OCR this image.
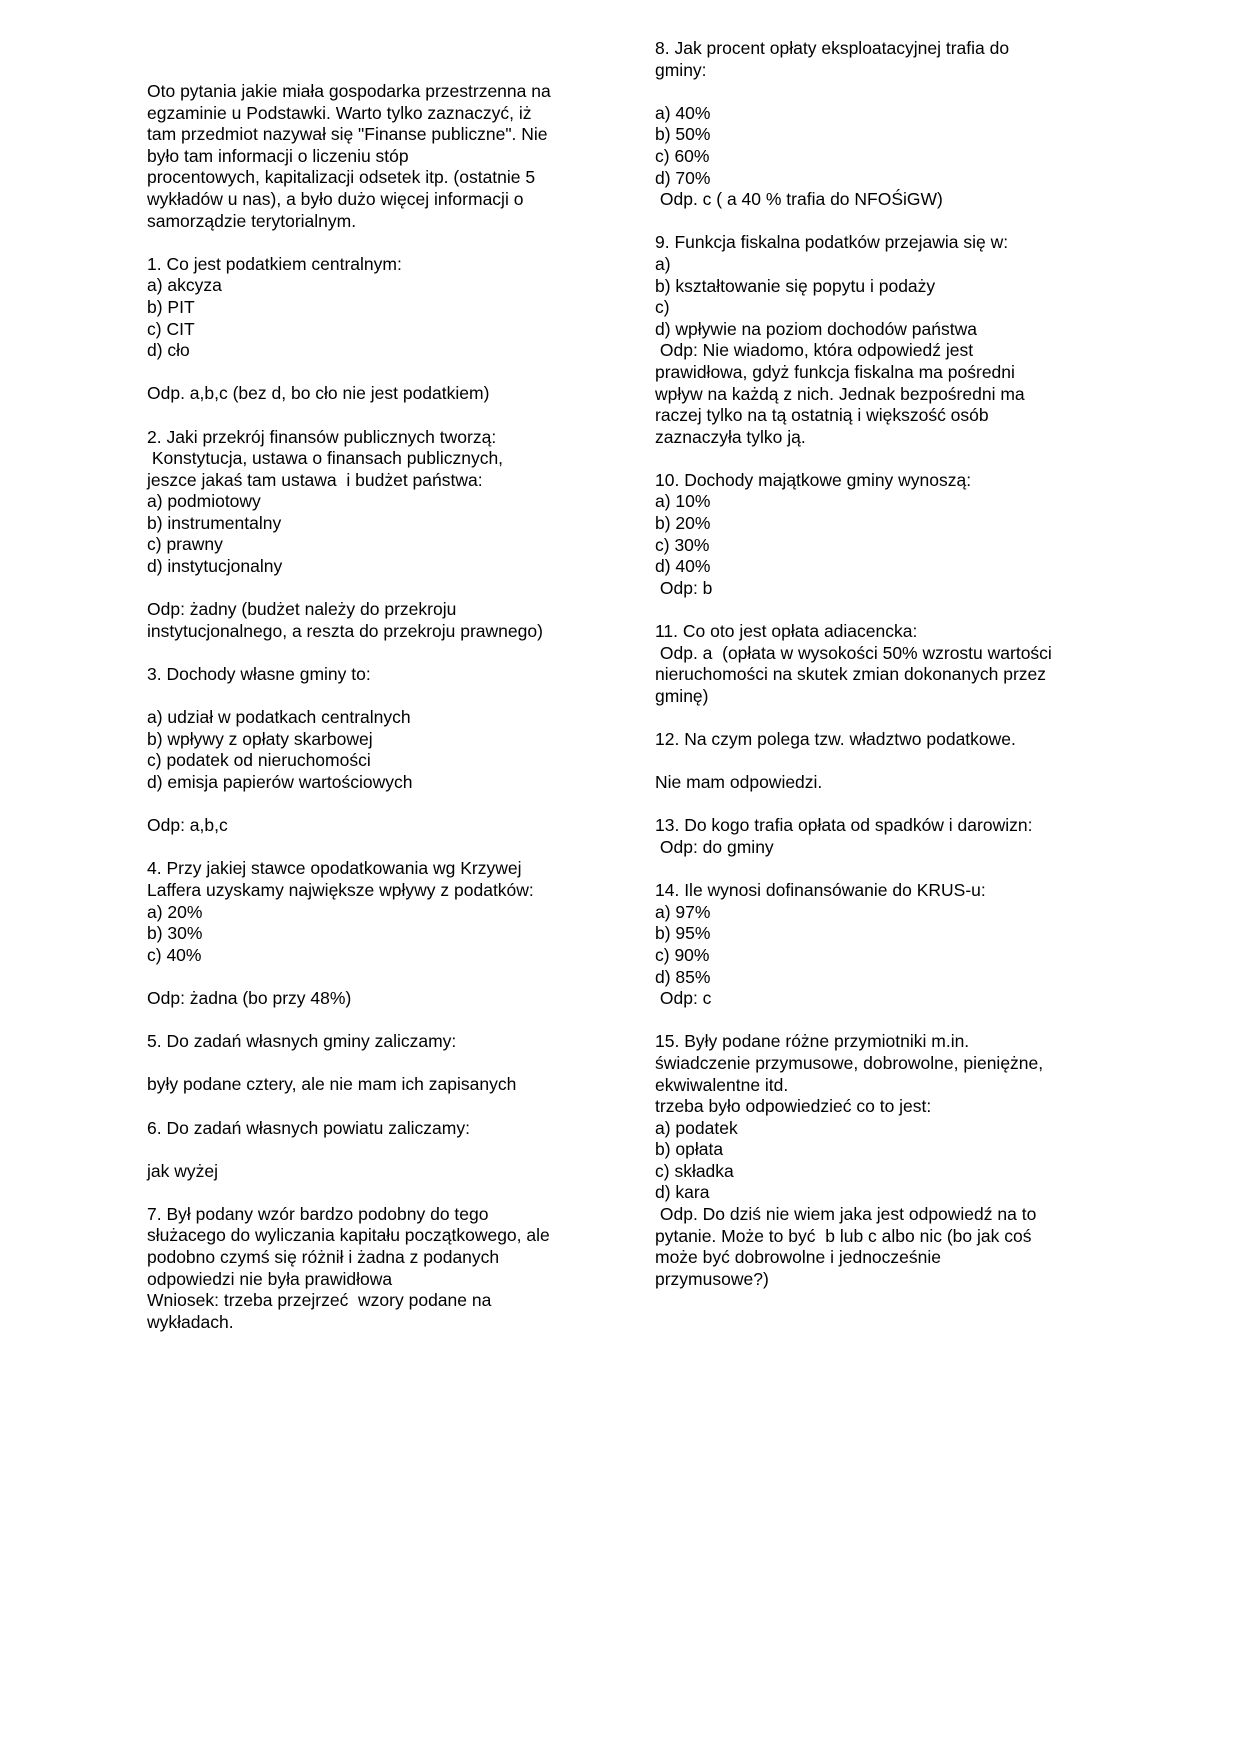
Oto pytania jakie miała gospodarka przestrzenna na
egzaminie u Podstawki. Warto tylko zaznaczyć, iż
tam przedmiot nazywał się "Finanse publiczne". Nie
było tam informacji o liczeniu stóp
procentowych, kapitalizacji odsetek itp. (ostatnie 5
wykładów u nas), a było dużo więcej informacji o
samorządzie terytorialnym.
1. Co jest podatkiem centralnym:
a) akcyza
b) PIT
c) CIT
d) cło
Odp. a,b,c (bez d, bo cło nie jest podatkiem)
2. Jaki przekrój finansów publicznych tworzą:
Konstytucja, ustawa o finansach publicznych,
jeszce jakaś tam ustawa  i budżet państwa:
a) podmiotowy
b) instrumentalny
c) prawny
d) instytucjonalny
Odp: żadny (budżet należy do przekroju
instytucjonalnego, a reszta do przekroju prawnego)
3. Dochody własne gminy to:
a) udział w podatkach centralnych
b) wpływy z opłaty skarbowej
c) podatek od nieruchomości
d) emisja papierów wartościowych
Odp: a,b,c
4. Przy jakiej stawce opodatkowania wg Krzywej
Laffera uzyskamy największe wpływy z podatków:
a) 20%
b) 30%
c) 40%
Odp: żadna (bo przy 48%)
5. Do zadań własnych gminy zaliczamy:
były podane cztery, ale nie mam ich zapisanych
6. Do zadań własnych powiatu zaliczamy:
jak wyżej
7. Był podany wzór bardzo podobny do tego
służacego do wyliczania kapitału początkowego, ale
podobno czymś się różnił i żadna z podanych
odpowiedzi nie była prawidłowa
Wniosek: trzeba przejrzeć  wzory podane na
wykładach.
8. Jak procent opłaty eksploatacyjnej trafia do
gminy:
a) 40%
b) 50%
c) 60%
d) 70%
Odp. c ( a 40 % trafia do NFOŚiGW)
9. Funkcja fiskalna podatków przejawia się w:
a)
b) kształtowanie się popytu i podaży
c)
d) wpływie na poziom dochodów państwa
Odp: Nie wiadomo, która odpowiedź jest
prawidłowa, gdyż funkcja fiskalna ma pośredni
wpływ na każdą z nich. Jednak bezpośredni ma
raczej tylko na tą ostatnią i większość osób
zaznaczyła tylko ją.
10. Dochody majątkowe gminy wynoszą:
a) 10%
b) 20%
c) 30%
d) 40%
Odp: b
11. Co oto jest opłata adiacencka:
Odp. a  (opłata w wysokości 50% wzrostu wartości
nieruchomości na skutek zmian dokonanych przez
gminę)
12. Na czym polega tzw. władztwo podatkowe.
Nie mam odpowiedzi.
13. Do kogo trafia opłata od spadków i darowizn:
Odp: do gminy
14. Ile wynosi dofinansówanie do KRUS-u:
a) 97%
b) 95%
c) 90%
d) 85%
Odp: c
15. Były podane różne przymiotniki m.in.
świadczenie przymusowe, dobrowolne, pieniężne,
ekwiwalentne itd.
trzeba było odpowiedzieć co to jest:
a) podatek
b) opłata
c) składka
d) kara
Odp. Do dziś nie wiem jaka jest odpowiedź na to
pytanie. Może to być  b lub c albo nic (bo jak coś
może być dobrowolne i jednocześnie
przymusowe?)
